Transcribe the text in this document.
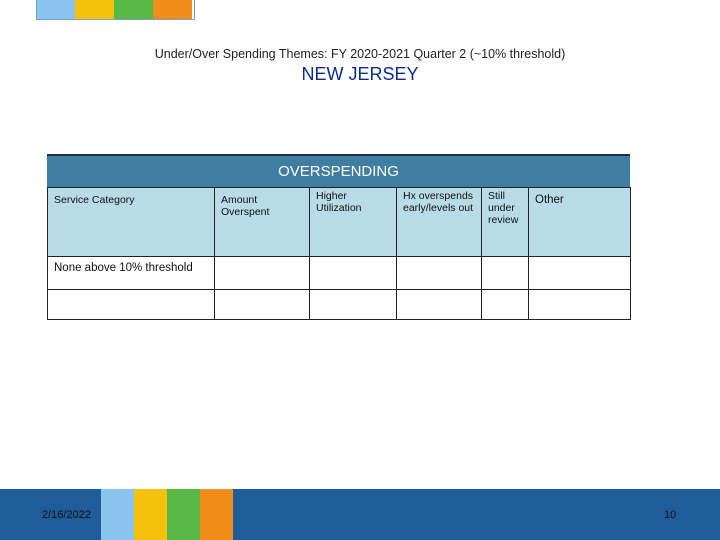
Under/Over Spending Themes: FY 2020-2021 Quarter 2 (~10% threshold)
NEW JERSEY
OVERSPENDING
Service Category	Amount Overspent	Higher Utilization	Hx overspends early/levels out	Still under review	Other
None above 10% threshold					

2/16/2022	10
